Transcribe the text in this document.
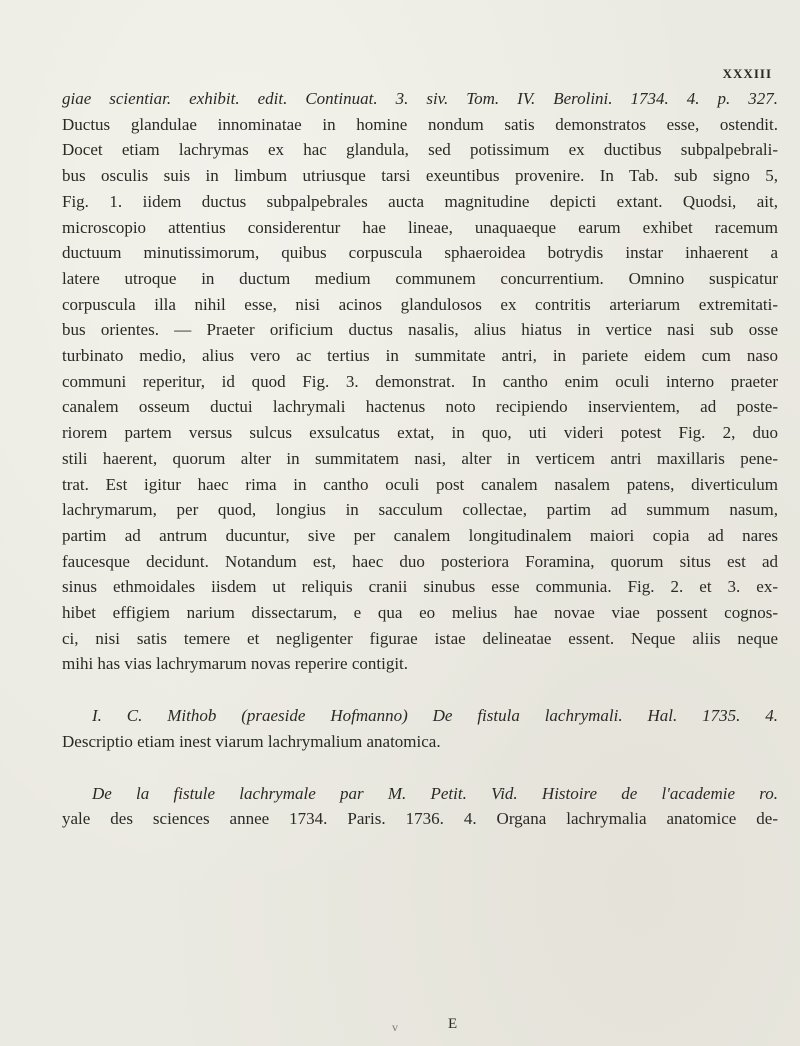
XXXIII
giae scientiar. exhibit. edit. Continuat. 3. siv. Tom. IV. Berolini. 1734. 4. p. 327.
Ductus glandulae innominatae in homine nondum satis demonstratos esse, ostendit.
Docet etiam lachrymas ex hac glandula, sed potissimum ex ductibus subpalpebrali-
bus osculis suis in limbum utriusque tarsi exeuntibus provenire. In Tab. sub signo 5,
Fig. 1. iidem ductus subpalpebrales aucta magnitudine depicti extant. Quodsi, ait,
microscopio attentius considerentur hae lineae, unaquaeque earum exhibet racemum
ductuum minutissimorum, quibus corpuscula sphaeroidea botrydis instar inhaerent a
latere utroque in ductum medium communem concurrentium. Omnino suspicatur
corpuscula illa nihil esse, nisi acinos glandulosos ex contritis arteriarum extremitati-
bus orientes. — Praeter orificium ductus nasalis, alius hiatus in vertice nasi sub osse
turbinato medio, alius vero ac tertius in summitate antri, in pariete eidem cum naso
communi reperitur, id quod Fig. 3. demonstrat. In cantho enim oculi interno praeter
canalem osseum ductui lachrymali hactenus noto recipiendo inservientem, ad poste-
riorem partem versus sulcus exsulcatus extat, in quo, uti videri potest Fig. 2, duo
stili haerent, quorum alter in summitatem nasi, alter in verticem antri maxillaris pene-
trat. Est igitur haec rima in cantho oculi post canalem nasalem patens, diverticulum
lachrymarum, per quod, longius in sacculum collectae, partim ad summum nasum,
partim ad antrum ducuntur, sive per canalem longitudinalem maiori copia ad nares
faucesque decidunt. Notandum est, haec duo posteriora Foramina, quorum situs est ad
sinus ethmoidales iisdem ut reliquis cranii sinubus esse communia. Fig. 2. et 3. ex-
hibet effigiem narium dissectarum, e qua eo melius hae novae viae possent cognos-
ci, nisi satis temere et negligenter figurae istae delineatae essent. Neque aliis neque
mihi has vias lachrymarum novas reperire contigit.
I. C. Mithob (praeside Hofmanno) De fistula lachrymali. Hal. 1735. 4.
Descriptio etiam inest viarum lachrymalium anatomica.
De la fistule lachrymale par M. Petit. Vid. Histoire de l'academie ro.
yale des sciences annee 1734. Paris. 1736. 4. Organa lachrymalia anatomice de-
v	E
